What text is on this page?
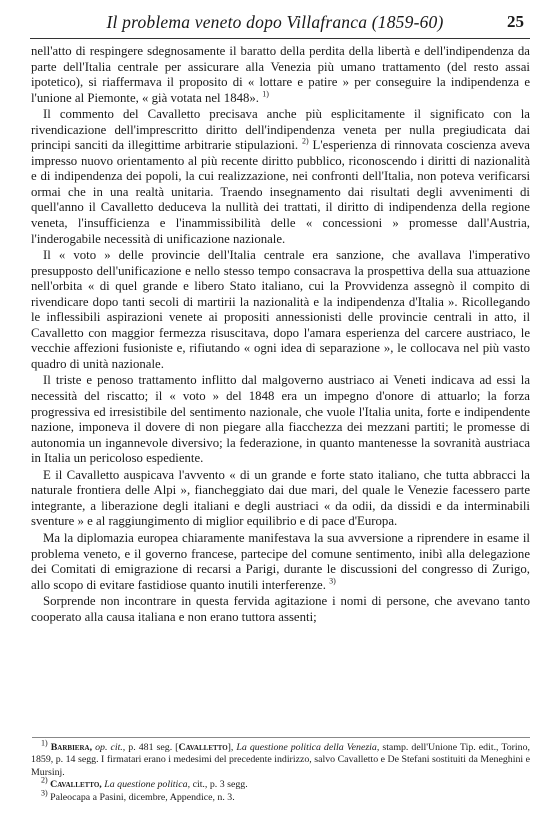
Il problema veneto dopo Villafranca (1859-60)	25

nell'atto di respingere sdegnosamente il baratto della perdita della libertà e dell'indipendenza da parte dell'Italia centrale per assicurare alla Venezia più umano trattamento (del resto assai ipotetico), si riaffermava il proposito di « lottare e patire » per conseguire la indipendenza e l'unione al Piemonte, « già votata nel 1848». $^{1)}$

Il commento del Cavalletto precisava anche più esplicitamente il significato con la rivendicazione dell'imprescritto diritto dell'indipendenza veneta per nulla pregiudicata dai principi sanciti da illegittime arbitrarie stipulazioni. $^{2)}$ L'esperienza di rinnovata coscienza aveva impresso nuovo orientamento al più recente diritto pubblico, riconoscendo i diritti di nazionalità e di indipendenza dei popoli, la cui realizzazione, nei confronti dell'Italia, non poteva verificarsi ormai che in una realtà unitaria. Traendo insegnamento dai risultati degli avvenimenti di quell'anno il Cavalletto deduceva la nullità dei trattati, il diritto di indipendenza della regione veneta, l'insufficienza e l'inammissibilità delle « concessioni » promesse dall'Austria, l'inderogabile necessità di unificazione nazionale.

Il « voto » delle provincie dell'Italia centrale era sanzione, che avallava l'imperativo presupposto dell'unificazione e nello stesso tempo consacrava la prospettiva della sua attuazione nell'orbita « di quel grande e libero Stato italiano, cui la Provvidenza assegnò il compito di rivendicare dopo tanti secoli di martirii la nazionalità e la indipendenza d'Italia ». Ricollegando le inflessibili aspirazioni venete ai propositi annessionisti delle provincie centrali in atto, il Cavalletto con maggior fermezza risuscitava, dopo l'amara esperienza del carcere austriaco, le vecchie affezioni fusioniste e, rifiutando « ogni idea di separazione », le collocava nel più vasto quadro di unità nazionale.

Il triste e penoso trattamento inflitto dal malgoverno austriaco ai Veneti indicava ad essi la necessità del riscatto; il « voto » del 1848 era un impegno d'onore di attuarlo; la forza progressiva ed irresistibile del sentimento nazionale, che vuole l'Italia unita, forte e indipendente nazione, imponeva il dovere di non piegare alla fiacchezza dei mezzani partiti; le promesse di autonomia un ingannevole diversivo; la federazione, in quanto mantenesse la sovranità austriaca in Italia un pericoloso espediente.

E il Cavalletto auspicava l'avvento « di un grande e forte stato italiano, che tutta abbracci la naturale frontiera delle Alpi », fiancheggiato dai due mari, del quale le Venezie facessero parte integrante, a liberazione degli italiani e degli austriaci « da odii, da dissidi e da interminabili sventure » e al raggiungimento di miglior equilibrio e di pace d'Europa.

Ma la diplomazia europea chiaramente manifestava la sua avversione a riprendere in esame il problema veneto, e il governo francese, partecipe del comune sentimento, inibì alla delegazione dei Comitati di emigrazione di recarsi a Parigi, durante le discussioni del congresso di Zurigo, allo scopo di evitare fastidiose quanto inutili interferenze. $^{3)}$

Sorprende non incontrare in questa fervida agitazione i nomi di persone, che avevano tanto cooperato alla causa italiana e non erano tuttora assenti;

$^{1)}$ Barbiera, op. cit., p. 481 seg. [Cavalletto], La questione politica della Venezia, stamp. dell'Unione Tip. edit., Torino, 1859, p. 14 segg. I firmatari erano i medesimi del precedente indirizzo, salvo Cavalletto e De Stefani sostituiti da Meneghini e Mursinj.

$^{2)}$ Cavalletto, La questione politica, cit., p. 3 segg.

$^{3)}$ Paleocapa a Pasini, dicembre, Appendice, n. 3.
